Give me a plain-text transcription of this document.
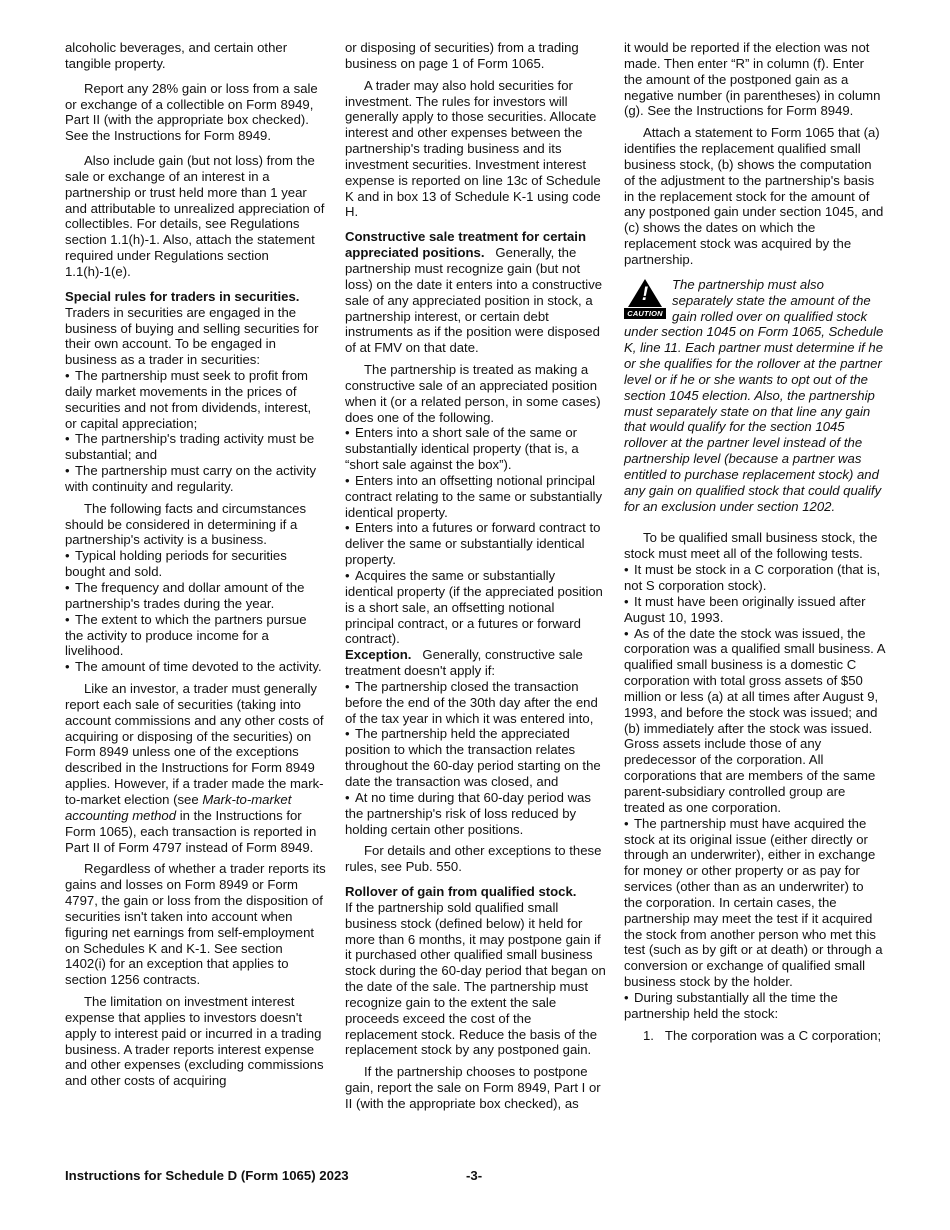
alcoholic beverages, and certain other tangible property.

Report any 28% gain or loss from a sale or exchange of a collectible on Form 8949, Part II (with the appropriate box checked). See the Instructions for Form 8949.

Also include gain (but not loss) from the sale or exchange of an interest in a partnership or trust held more than 1 year and attributable to unrealized appreciation of collectibles. For details, see Regulations section 1.1(h)-1. Also, attach the statement required under Regulations section 1.1(h)-1(e).

Special rules for traders in securities.
Traders in securities are engaged in the business of buying and selling securities for their own account. To be engaged in business as a trader in securities:

• The partnership must seek to profit from daily market movements in the prices of securities and not from dividends, interest, or capital appreciation;

• The partnership's trading activity must be substantial; and

• The partnership must carry on the activity with continuity and regularity.

The following facts and circumstances should be considered in determining if a partnership's activity is a business.

• Typical holding periods for securities bought and sold.

• The frequency and dollar amount of the partnership's trades during the year.

• The extent to which the partners pursue the activity to produce income for a livelihood.

• The amount of time devoted to the activity.

Like an investor, a trader must generally report each sale of securities (taking into account commissions and any other costs of acquiring or disposing of the securities) on Form 8949 unless one of the exceptions described in the Instructions for Form 8949 applies. However, if a trader made the mark-to-market election (see Mark-to-market accounting method in the Instructions for Form 1065), each transaction is reported in Part II of Form 4797 instead of Form 8949.

Regardless of whether a trader reports its gains and losses on Form 8949 or Form 4797, the gain or loss from the disposition of securities isn't taken into account when figuring net earnings from self-employment on Schedules K and K-1. See section 1402(i) for an exception that applies to section 1256 contracts.

The limitation on investment interest expense that applies to investors doesn't apply to interest paid or incurred in a trading business. A trader reports interest expense and other expenses (excluding commissions and other costs of acquiring

or disposing of securities) from a trading business on page 1 of Form 1065.

A trader may also hold securities for investment. The rules for investors will generally apply to those securities. Allocate interest and other expenses between the partnership's trading business and its investment securities. Investment interest expense is reported on line 13c of Schedule K and in box 13 of Schedule K-1 using code H.

Constructive sale treatment for certain appreciated positions. Generally, the partnership must recognize gain (but not loss) on the date it enters into a constructive sale of any appreciated position in stock, a partnership interest, or certain debt instruments as if the position were disposed of at FMV on that date.

The partnership is treated as making a constructive sale of an appreciated position when it (or a related person, in some cases) does one of the following.

• Enters into a short sale of the same or substantially identical property (that is, a “short sale against the box”).

• Enters into an offsetting notional principal contract relating to the same or substantially identical property.

• Enters into a futures or forward contract to deliver the same or substantially identical property.

• Acquires the same or substantially identical property (if the appreciated position is a short sale, an offsetting notional principal contract, or a futures or forward contract).

Exception. Generally, constructive sale treatment doesn't apply if:

• The partnership closed the transaction before the end of the 30th day after the end of the tax year in which it was entered into,

• The partnership held the appreciated position to which the transaction relates throughout the 60-day period starting on the date the transaction was closed, and

• At no time during that 60-day period was the partnership's risk of loss reduced by holding certain other positions.

For details and other exceptions to these rules, see Pub. 550.

Rollover of gain from qualified stock.
If the partnership sold qualified small business stock (defined below) it held for more than 6 months, it may postpone gain if it purchased other qualified small business stock during the 60-day period that began on the date of the sale. The partnership must recognize gain to the extent the sale proceeds exceed the cost of the replacement stock. Reduce the basis of the replacement stock by any postponed gain.

If the partnership chooses to postpone gain, report the sale on Form 8949, Part I or II (with the appropriate box checked), as

it would be reported if the election was not made. Then enter “R” in column (f). Enter the amount of the postponed gain as a negative number (in parentheses) in column (g). See the Instructions for Form 8949.

Attach a statement to Form 1065 that (a) identifies the replacement qualified small business stock, (b) shows the computation of the adjustment to the partnership's basis in the replacement stock for the amount of any postponed gain under section 1045, and (c) shows the dates on which the replacement stock was acquired by the partnership.

!
CAUTION
The partnership must also separately state the amount of the gain rolled over on qualified stock under section 1045 on Form 1065, Schedule K, line 11. Each partner must determine if he or she qualifies for the rollover at the partner level or if he or she wants to opt out of the section 1045 election. Also, the partnership must separately state on that line any gain that would qualify for the section 1045 rollover at the partner level instead of the partnership level (because a partner was entitled to purchase replacement stock) and any gain on qualified stock that could qualify for an exclusion under section 1202.

To be qualified small business stock, the stock must meet all of the following tests.

• It must be stock in a C corporation (that is, not S corporation stock).

• It must have been originally issued after August 10, 1993.

• As of the date the stock was issued, the corporation was a qualified small business. A qualified small business is a domestic C corporation with total gross assets of $50 million or less (a) at all times after August 9, 1993, and before the stock was issued; and (b) immediately after the stock was issued. Gross assets include those of any predecessor of the corporation. All corporations that are members of the same parent-subsidiary controlled group are treated as one corporation.

• The partnership must have acquired the stock at its original issue (either directly or through an underwriter), either in exchange for money or other property or as pay for services (other than as an underwriter) to the corporation. In certain cases, the partnership may meet the test if it acquired the stock from another person who met this test (such as by gift or at death) or through a conversion or exchange of qualified small business stock by the holder.

• During substantially all the time the partnership held the stock:

1. The corporation was a C corporation;

Instructions for Schedule D (Form 1065) 2023	-3-
